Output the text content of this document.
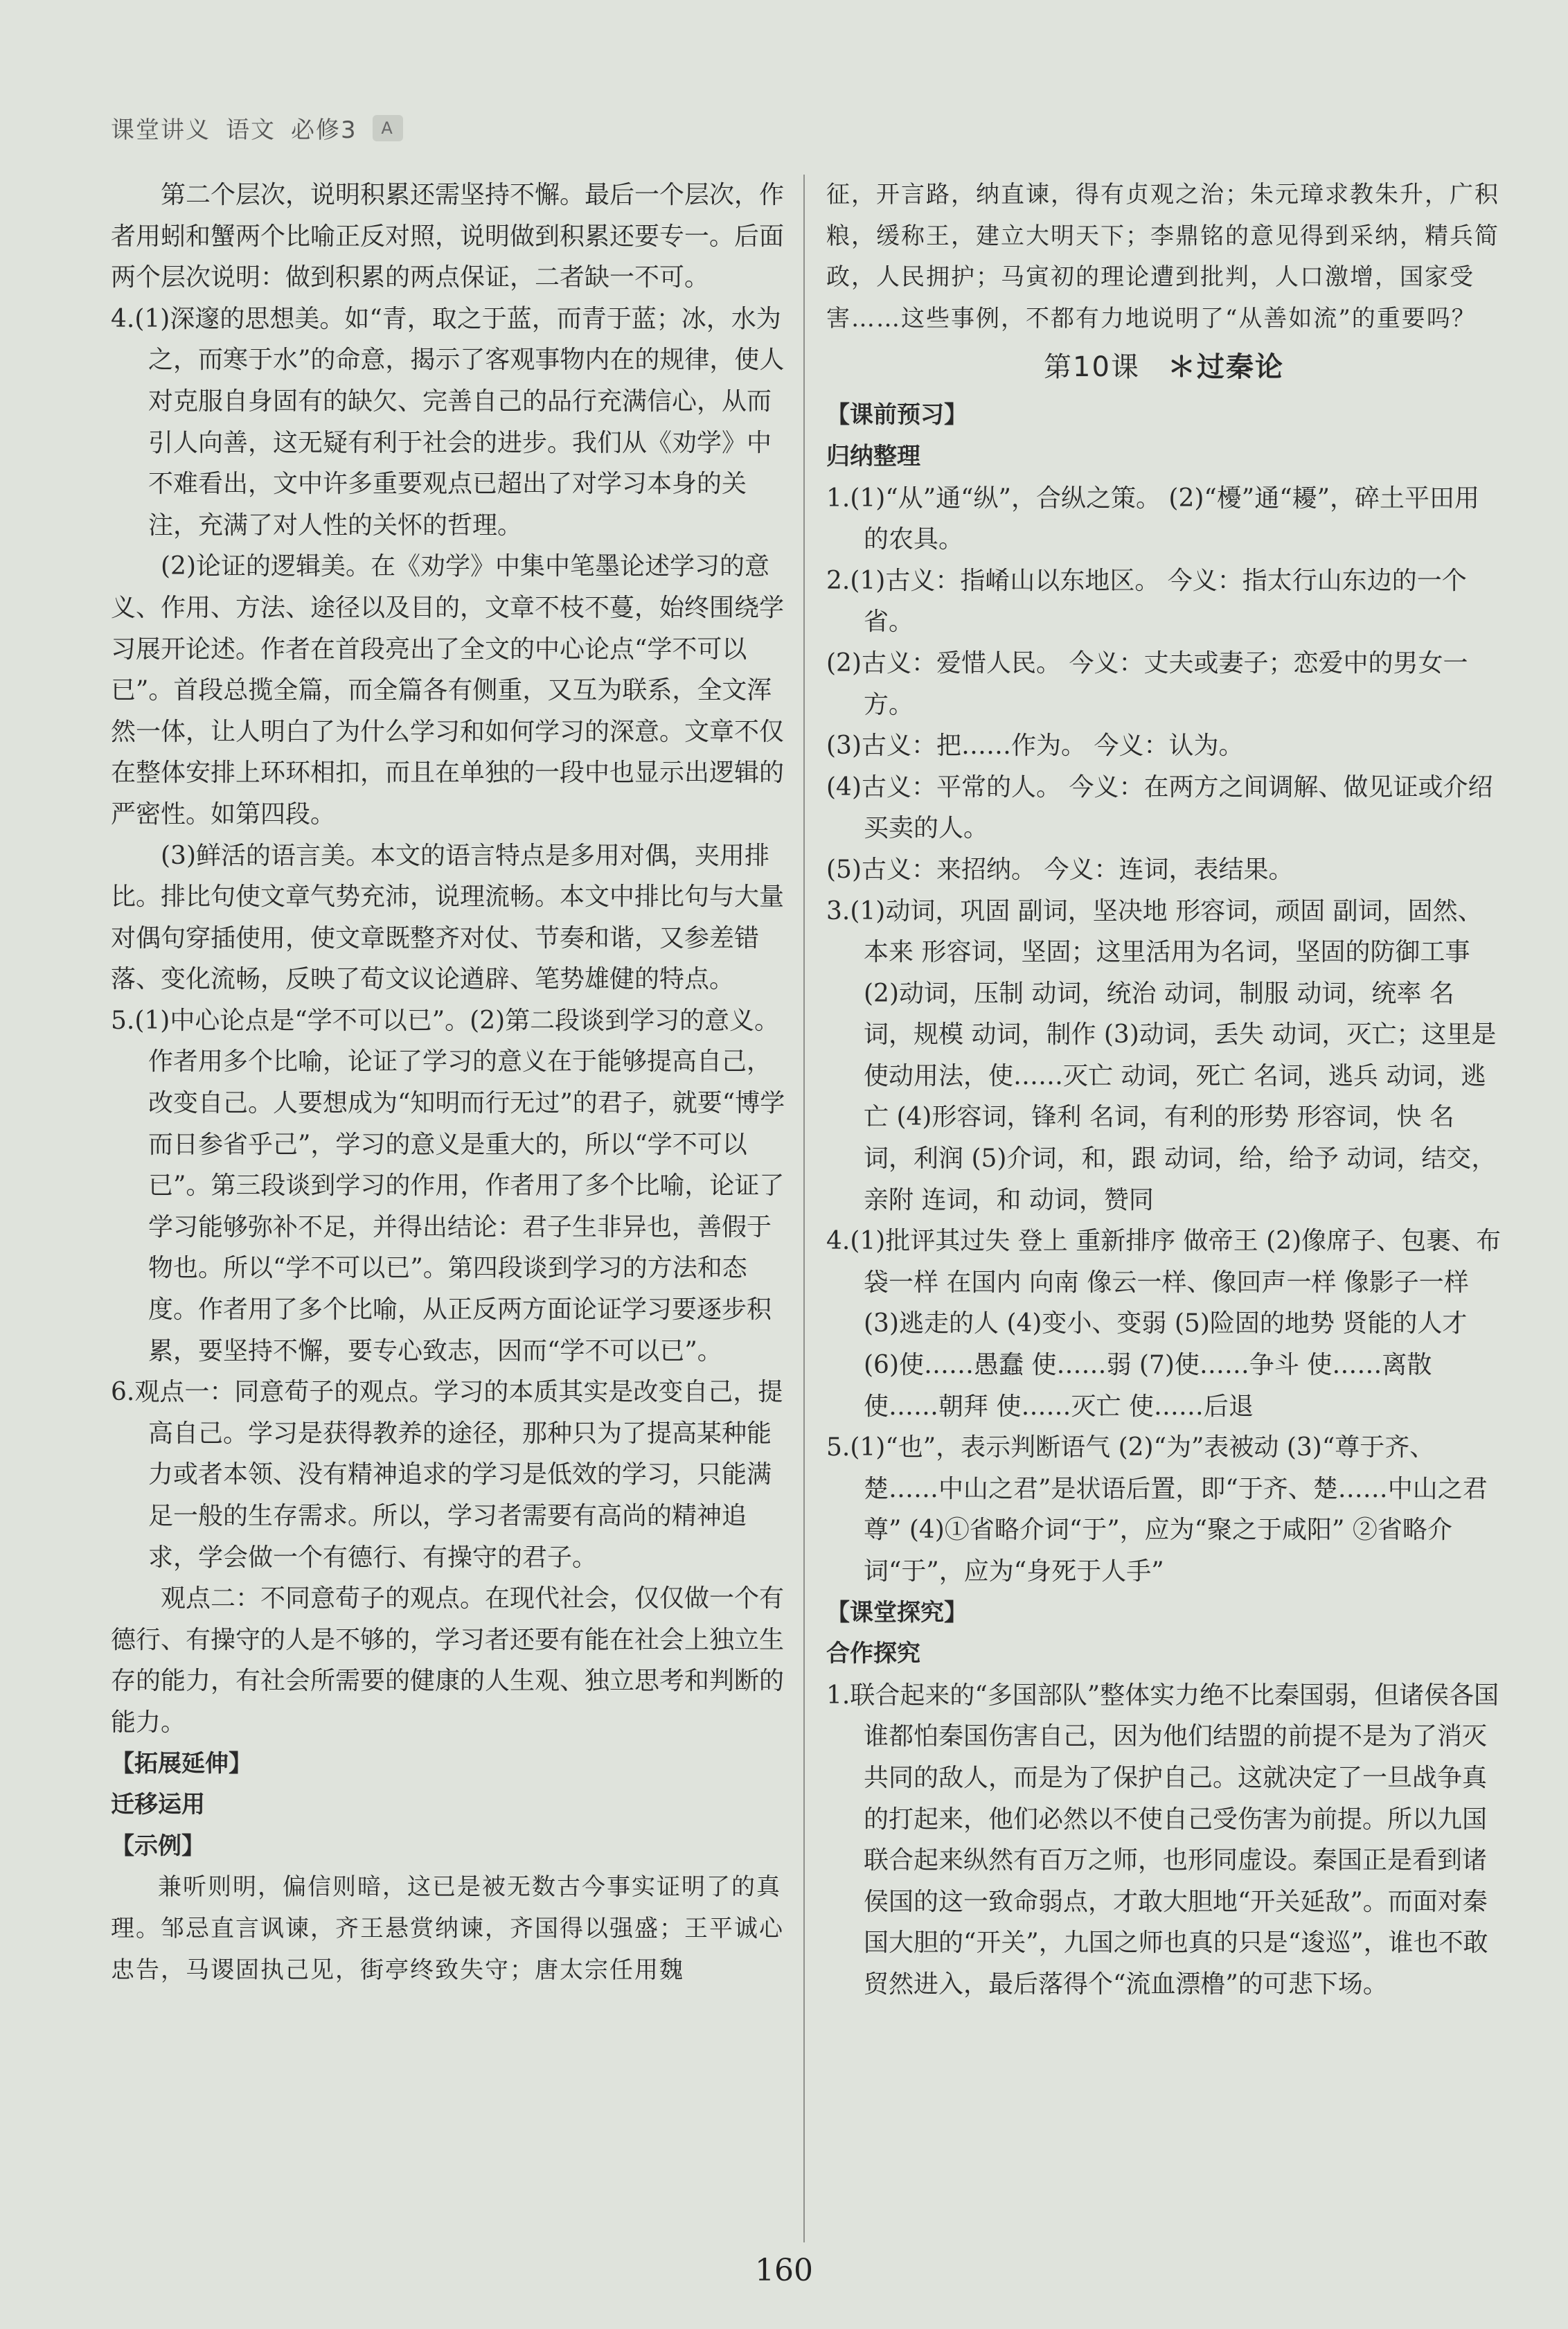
课堂讲义 语文 必修3	A

第二个层次，说明积累还需坚持不懈。最后一个层次，作者用蚓和蟹两个比喻正反对照，说明做到积累还要专一。后面两个层次说明：做到积累的两点保证，二者缺一不可。

4.(1)深邃的思想美。如“青，取之于蓝，而青于蓝；冰，水为之，而寒于水”的命意，揭示了客观事物内在的规律，使人对克服自身固有的缺欠、完善自己的品行充满信心，从而引人向善，这无疑有利于社会的进步。我们从《劝学》中不难看出，文中许多重要观点已超出了对学习本身的关注，充满了对人性的关怀的哲理。

(2)论证的逻辑美。在《劝学》中集中笔墨论述学习的意义、作用、方法、途径以及目的，文章不枝不蔓，始终围绕学习展开论述。作者在首段亮出了全文的中心论点“学不可以已”。首段总揽全篇，而全篇各有侧重，又互为联系，全文浑然一体，让人明白了为什么学习和如何学习的深意。文章不仅在整体安排上环环相扣，而且在单独的一段中也显示出逻辑的严密性。如第四段。

(3)鲜活的语言美。本文的语言特点是多用对偶，夹用排比。排比句使文章气势充沛，说理流畅。本文中排比句与大量对偶句穿插使用，使文章既整齐对仗、节奏和谐，又参差错落、变化流畅，反映了荀文议论遒辟、笔势雄健的特点。

5.(1)中心论点是“学不可以已”。(2)第二段谈到学习的意义。作者用多个比喻，论证了学习的意义在于能够提高自己，改变自己。人要想成为“知明而行无过”的君子，就要“博学而日参省乎己”，学习的意义是重大的，所以“学不可以已”。第三段谈到学习的作用，作者用了多个比喻，论证了学习能够弥补不足，并得出结论：君子生非异也，善假于物也。所以“学不可以已”。第四段谈到学习的方法和态度。作者用了多个比喻，从正反两方面论证学习要逐步积累，要坚持不懈，要专心致志，因而“学不可以已”。

6.观点一：同意荀子的观点。学习的本质其实是改变自己，提高自己。学习是获得教养的途径，那种只为了提高某种能力或者本领、没有精神追求的学习是低效的学习，只能满足一般的生存需求。所以，学习者需要有高尚的精神追求，学会做一个有德行、有操守的君子。

观点二：不同意荀子的观点。在现代社会，仅仅做一个有德行、有操守的人是不够的，学习者还要有能在社会上独立生存的能力，有社会所需要的健康的人生观、独立思考和判断的能力。

【拓展延伸】

迁移运用

【示例】

兼听则明，偏信则暗，这已是被无数古今事实证明了的真理。邹忌直言讽谏，齐王悬赏纳谏，齐国得以强盛；王平诚心忠告，马谡固执己见，街亭终致失守；唐太宗任用魏

征，开言路，纳直谏，得有贞观之治；朱元璋求教朱升，广积粮，缓称王，建立大明天下；李鼎铭的意见得到采纳，精兵简政，人民拥护；马寅初的理论遭到批判，人口激增，国家受害……这些事例，不都有力地说明了“从善如流”的重要吗？

第10课 ＊过秦论

【课前预习】

归纳整理

1.(1)“从”通“纵”，合纵之策。 (2)“櫌”通“耰”，碎土平田用的农具。

2.(1)古义：指崤山以东地区。 今义：指太行山东边的一个省。

(2)古义：爱惜人民。 今义：丈夫或妻子；恋爱中的男女一方。

(3)古义：把……作为。 今义：认为。

(4)古义：平常的人。 今义：在两方之间调解、做见证或介绍买卖的人。

(5)古义：来招纳。 今义：连词，表结果。

3.(1)动词，巩固 副词，坚决地 形容词，顽固 副词，固然、本来 形容词，坚固；这里活用为名词，坚固的防御工事 (2)动词，压制 动词，统治 动词，制服 动词，统率 名词，规模 动词，制作 (3)动词，丢失 动词，灭亡；这里是使动用法，使……灭亡 动词，死亡 名词，逃兵 动词，逃亡 (4)形容词，锋利 名词，有利的形势 形容词，快 名词，利润 (5)介词，和，跟 动词，给，给予 动词，结交，亲附 连词，和 动词，赞同

4.(1)批评其过失 登上 重新排序 做帝王 (2)像席子、包裹、布袋一样 在国内 向南 像云一样、像回声一样 像影子一样 (3)逃走的人 (4)变小、变弱 (5)险固的地势 贤能的人才 (6)使……愚蠢 使……弱 (7)使……争斗 使……离散 使……朝拜 使……灭亡 使……后退

5.(1)“也”，表示判断语气 (2)“为”表被动 (3)“尊于齐、楚……中山之君”是状语后置，即“于齐、楚……中山之君尊” (4)①省略介词“于”，应为“聚之于咸阳” ②省略介词“于”，应为“身死于人手”

【课堂探究】

合作探究

1.联合起来的“多国部队”整体实力绝不比秦国弱，但诸侯各国谁都怕秦国伤害自己，因为他们结盟的前提不是为了消灭共同的敌人，而是为了保护自己。这就决定了一旦战争真的打起来，他们必然以不使自己受伤害为前提。所以九国联合起来纵然有百万之师，也形同虚设。秦国正是看到诸侯国的这一致命弱点，才敢大胆地“开关延敌”。而面对秦国大胆的“开关”，九国之师也真的只是“逡巡”，谁也不敢贸然进入，最后落得个“流血漂橹”的可悲下场。

160
